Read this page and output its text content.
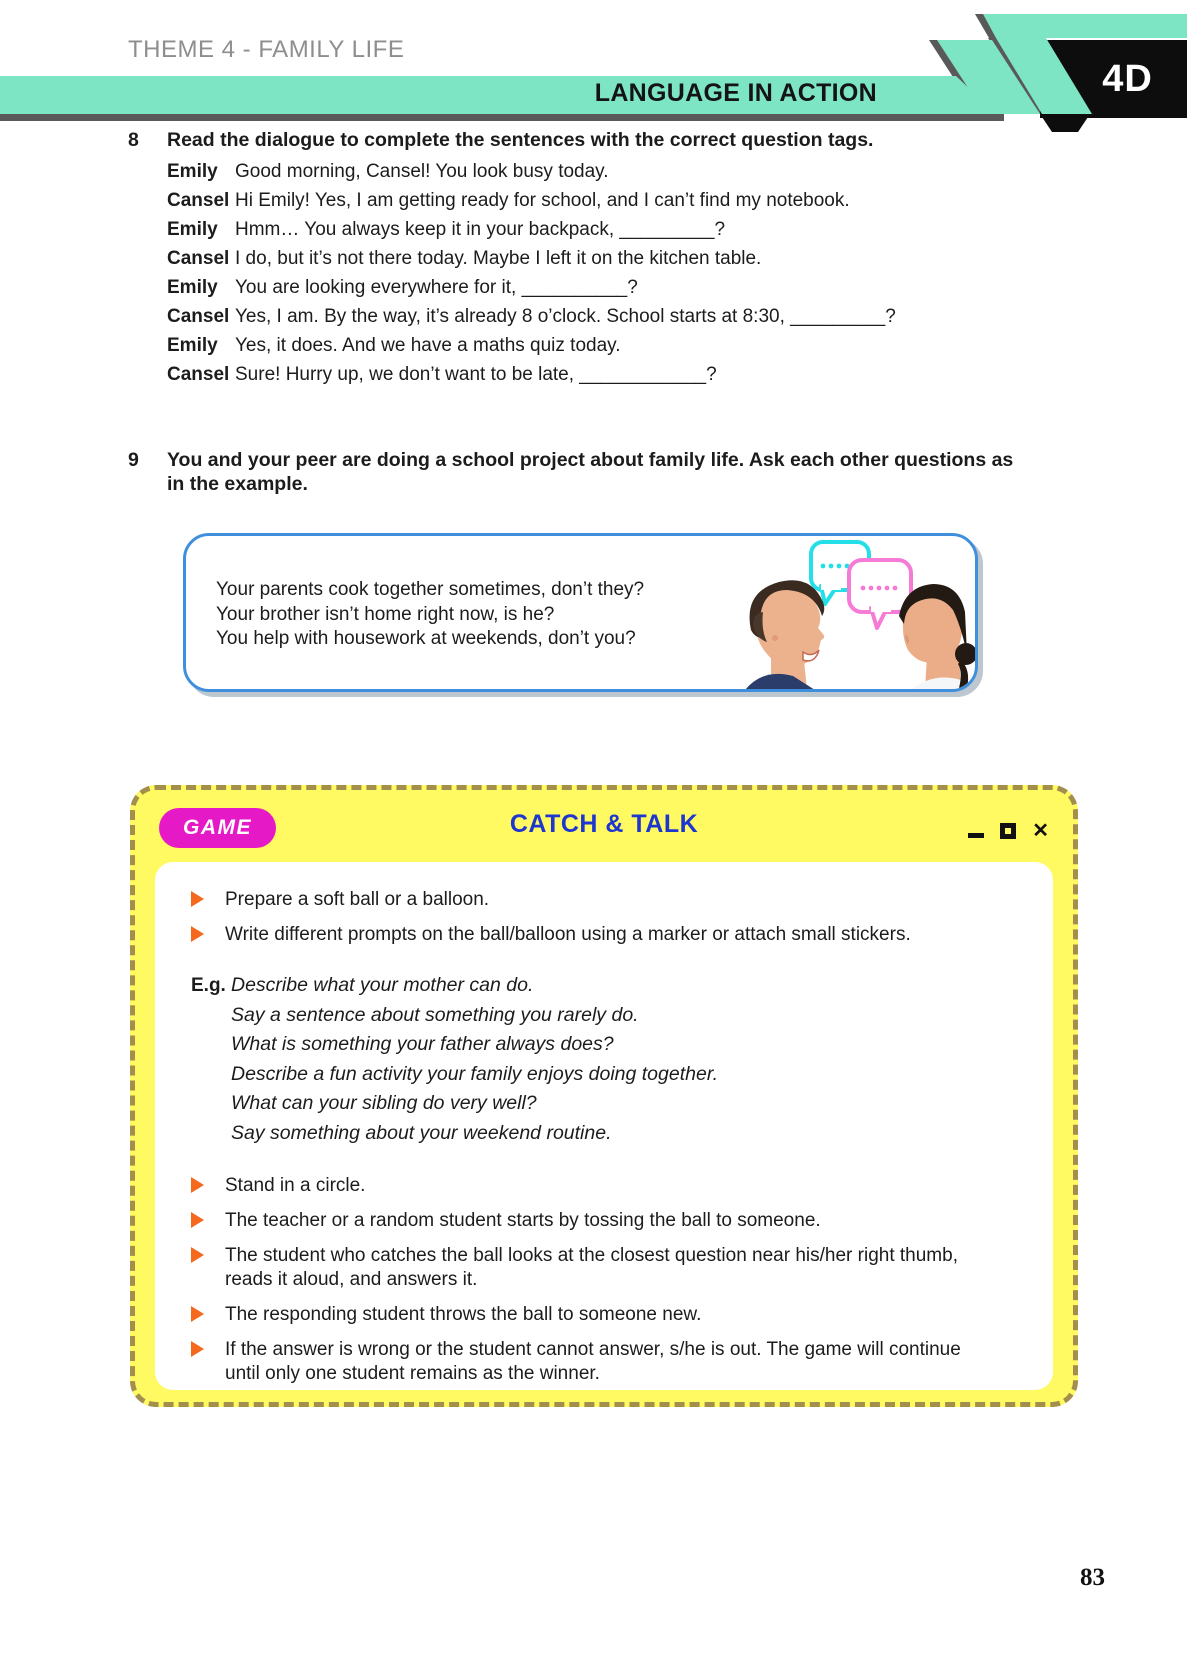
THEME 4 - FAMILY LIFE
LANGUAGE IN ACTION	4D
8	Read the dialogue to complete the sentences with the correct question tags.
Emily Good morning, Cansel! You look busy today.
Cansel Hi Emily! Yes, I am getting ready for school, and I can’t find my notebook.
Emily Hmm… You always keep it in your backpack, _________?
Cansel I do, but it’s not there today. Maybe I left it on the kitchen table.
Emily You are looking everywhere for it, __________?
Cansel Yes, I am. By the way, it’s already 8 o’clock. School starts at 8:30, _________?
Emily Yes, it does. And we have a maths quiz today.
Cansel Sure! Hurry up, we don’t want to be late, ____________?
9	You and your peer are doing a school project about family life. Ask each other questions as in the example.
Your parents cook together sometimes, don’t they?
Your brother isn’t home right now, is he?
You help with housework at weekends, don’t you?
GAME	CATCH & TALK	✕
Prepare a soft ball or a balloon.
Write different prompts on the ball/balloon using a marker or attach small stickers.
E.g. Describe what your mother can do.
Say a sentence about something you rarely do.
What is something your father always does?
Describe a fun activity your family enjoys doing together.
What can your sibling do very well?
Say something about your weekend routine.
Stand in a circle.
The teacher or a random student starts by tossing the ball to someone.
The student who catches the ball looks at the closest question near his/her right thumb, reads it aloud, and answers it.
The responding student throws the ball to someone new.
If the answer is wrong or the student cannot answer, s/he is out. The game will continue until only one student remains as the winner.
83
